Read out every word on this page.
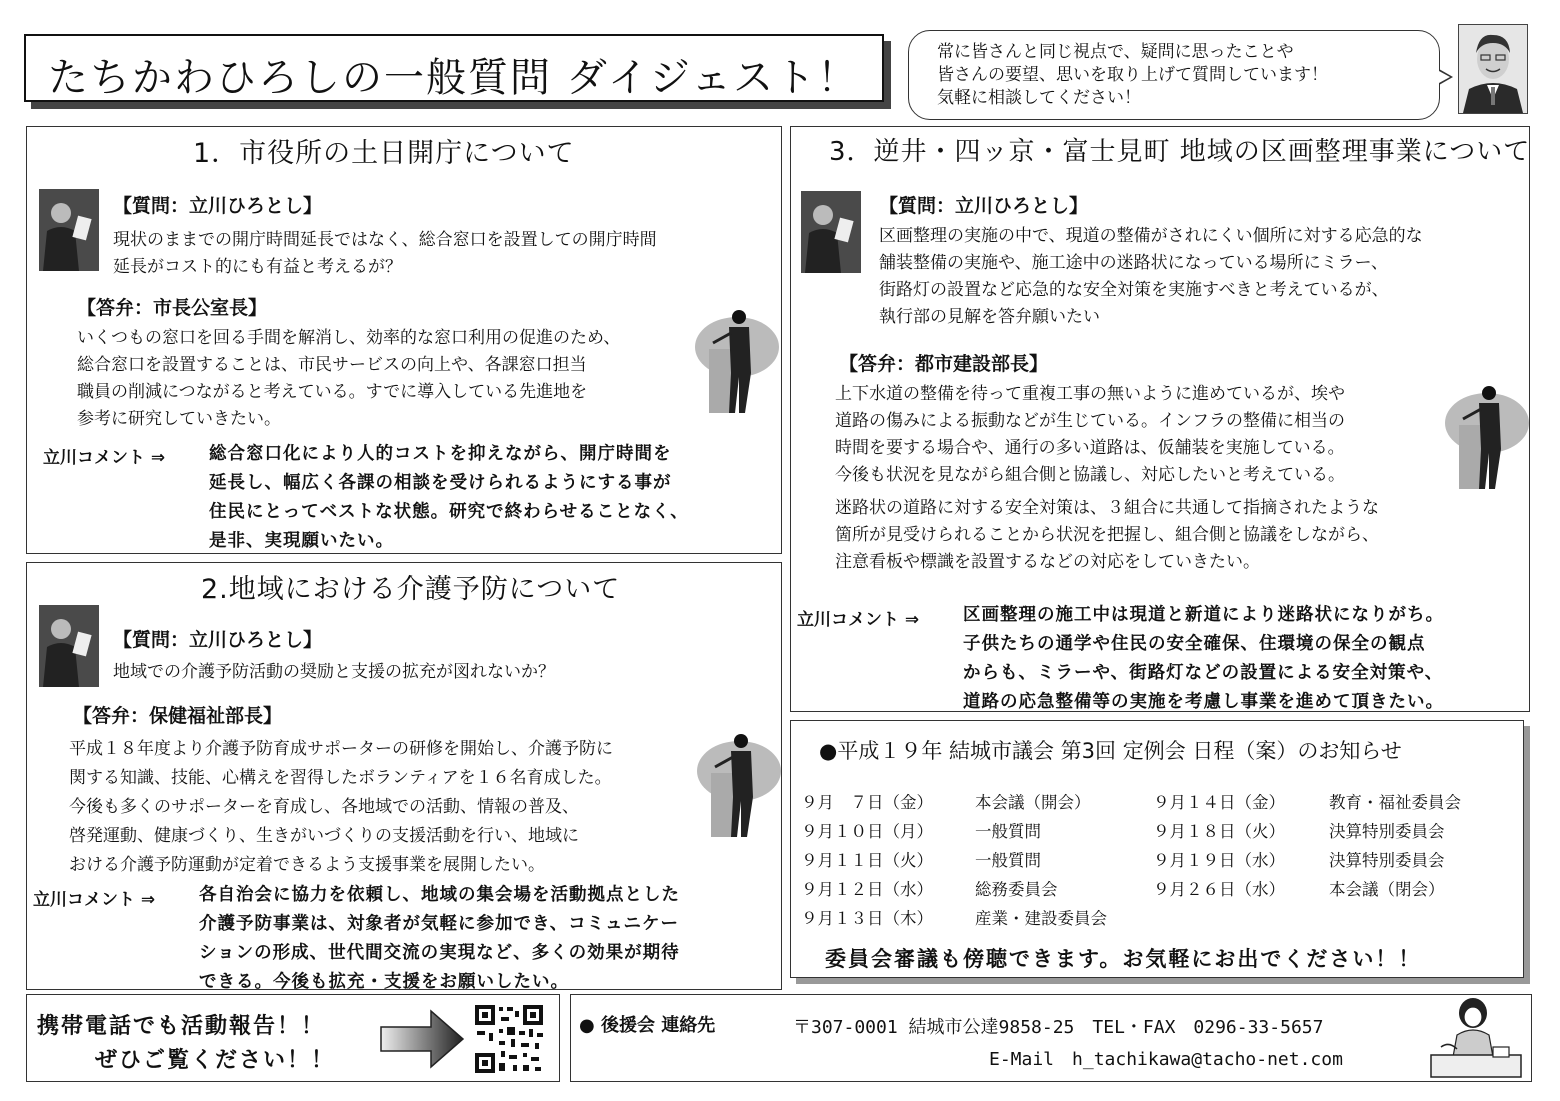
たちかわひろしの一般質問 ダイジェスト！
常に皆さんと同じ視点で、疑問に思ったことや
皆さんの要望、思いを取り上げて質問しています！
気軽に相談してください！
1．市役所の土日開庁について
【質問：立川ひろとし】
現状のままでの開庁時間延長ではなく、総合窓口を設置しての開庁時間
延長がコスト的にも有益と考えるが？
【答弁：市長公室長】
いくつもの窓口を回る手間を解消し、効率的な窓口利用の促進のため、
総合窓口を設置することは、市民サービスの向上や、各課窓口担当
職員の削減につながると考えている。すでに導入している先進地を
参考に研究していきたい。
立川コメント ⇒	総合窓口化により人的コストを抑えながら、開庁時間を
延長し、幅広く各課の相談を受けられるようにする事が
住民にとってベストな状態。研究で終わらせることなく、
是非、実現願いたい。
2.地域における介護予防について
【質問：立川ひろとし】
地域での介護予防活動の奨励と支援の拡充が図れないか？
【答弁：保健福祉部長】
平成１８年度より介護予防育成サポーターの研修を開始し、介護予防に
関する知識、技能、心構えを習得したボランティアを１６名育成した。
今後も多くのサポーターを育成し、各地域での活動、情報の普及、
啓発運動、健康づくり、生きがいづくりの支援活動を行い、地域に
おける介護予防運動が定着できるよう支援事業を展開したい。
立川コメント ⇒	各自治会に協力を依頼し、地域の集会場を活動拠点とした
介護予防事業は、対象者が気軽に参加でき、コミュニケー
ションの形成、世代間交流の実現など、多くの効果が期待
できる。今後も拡充・支援をお願いしたい。
3．逆井・四ッ京・富士見町 地域の区画整理事業について
【質問：立川ひろとし】
区画整理の実施の中で、現道の整備がされにくい個所に対する応急的な
舗装整備の実施や、施工途中の迷路状になっている場所にミラー、
街路灯の設置など応急的な安全対策を実施すべきと考えているが、
執行部の見解を答弁願いたい
【答弁：都市建設部長】
上下水道の整備を待って重複工事の無いように進めているが、埃や
道路の傷みによる振動などが生じている。インフラの整備に相当の
時間を要する場合や、通行の多い道路は、仮舗装を実施している。
今後も状況を見ながら組合側と協議し、対応したいと考えている。
迷路状の道路に対する安全対策は、３組合に共通して指摘されたような
箇所が見受けられることから状況を把握し、組合側と協議をしながら、
注意看板や標識を設置するなどの対応をしていきたい。
立川コメント ⇒	区画整理の施工中は現道と新道により迷路状になりがち。
子供たちの通学や住民の安全確保、住環境の保全の観点
からも、ミラーや、街路灯などの設置による安全対策や、
道路の応急整備等の実施を考慮し事業を進めて頂きたい。
●平成１９年 結城市議会 第3回 定例会 日程（案）のお知らせ
９月　７日（金）	本会議（開会）
９月１０日（月）	一般質問
９月１１日（火）	一般質問
９月１２日（水）	総務委員会
９月１３日（木）	産業・建設委員会
９月１４日（金）	教育・福祉委員会
９月１８日（火）	決算特別委員会
９月１９日（水）	決算特別委員会
９月２６日（水）	本会議（閉会）
委員会審議も傍聴できます。お気軽にお出でください！！
携帯電話でも活動報告！！
ぜひご覧ください！！
● 後援会 連絡先	〒307-0001 結城市公達9858-25　TEL・FAX　0296-33-5657
E-Mail　h_tachikawa@tacho-net.com
